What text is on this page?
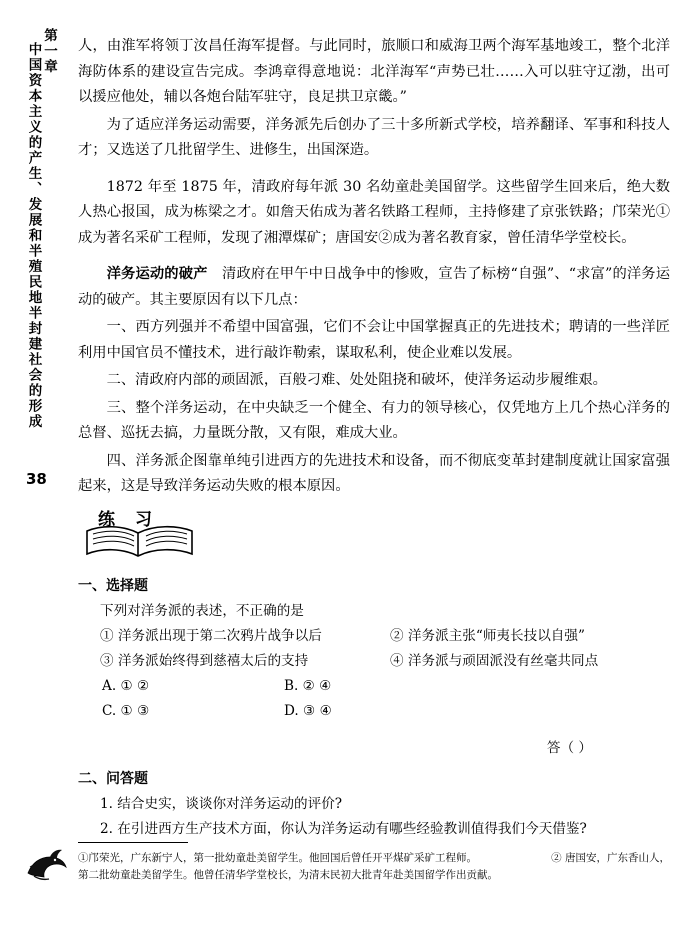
第一章
中国资本主义的产生、发展和半殖民地半封建社会的形成
38

人，由淮军将领丁汝昌任海军提督。与此同时，旅顺口和威海卫两个海军基地竣工，整个北洋海防体系的建设宣告完成。李鸿章得意地说：北洋海军“声势已壮……入可以驻守辽渤，出可以援应他处，辅以各炮台陆军驻守，良足拱卫京畿。”

为了适应洋务运动需要，洋务派先后创办了三十多所新式学校，培养翻译、军事和科技人才；又选送了几批留学生、进修生，出国深造。

1872 年至 1875 年，清政府每年派 30 名幼童赴美国留学。这些留学生回来后，绝大数人热心报国，成为栋梁之才。如詹天佑成为著名铁路工程师，主持修建了京张铁路；邝荣光①成为著名采矿工程师，发现了湘潭煤矿；唐国安②成为著名教育家，曾任清华学堂校长。

洋务运动的破产　 清政府在甲午中日战争中的惨败，宣告了标榜“自强”、“求富”的洋务运动的破产。其主要原因有以下几点：

一、西方列强并不希望中国富强，它们不会让中国掌握真正的先进技术；聘请的一些洋匠利用中国官员不懂技术，进行敲诈勒索，谋取私利，使企业难以发展。

二、清政府内部的顽固派，百般刁难、处处阻挠和破坏，使洋务运动步履维艰。

三、整个洋务运动，在中央缺乏一个健全、有力的领导核心，仅凭地方上几个热心洋务的总督、巡抚去搞，力量既分散，又有限，难成大业。

四、洋务派企图靠单纯引进西方的先进技术和设备，而不彻底变革封建制度就让国家富强起来，这是导致洋务运动失败的根本原因。

练 习
一、选择题
下列对洋务派的表述，不正确的是
① 洋务派出现于第二次鸦片战争以后	② 洋务派主张“师夷长技以自强”
③ 洋务派始终得到慈禧太后的支持	④ 洋务派与顽固派没有丝毫共同点
A. ① ②	B. ② ④
C. ① ③	D. ③ ④
答（ ）
二、问答题
1. 结合史实，谈谈你对洋务运动的评价?
2. 在引进西方生产技术方面，你认为洋务运动有哪些经验教训值得我们今天借鉴?
①邝荣光，广东新宁人，第一批幼童赴美留学生。他回国后曾任开平煤矿采矿工程师。	② 唐国安，广东香山人，
第二批幼童赴美留学生。他曾任清华学堂校长，为清末民初大批青年赴美国留学作出贡献。
